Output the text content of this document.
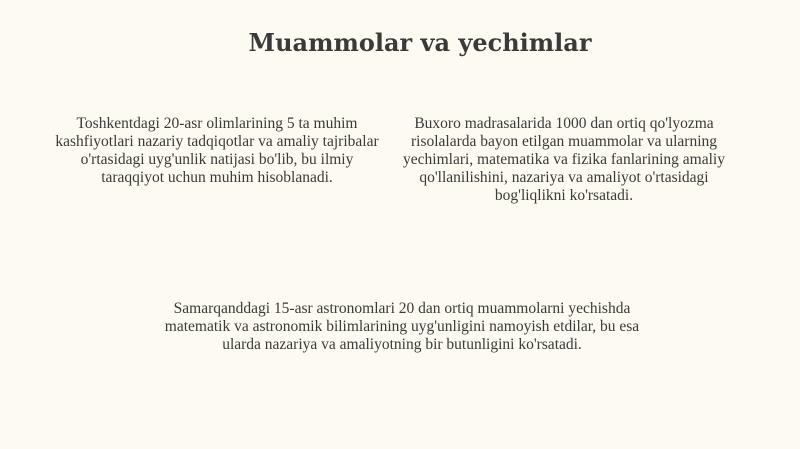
Muammolar va yechimlar

Toshkentdagi 20-asr olimlarining 5 ta muhim kashfiyotlari nazariy tadqiqotlar va amaliy tajribalar o'rtasidagi uyg'unlik natijasi bo'lib, bu ilmiy taraqqiyot uchun muhim hisoblanadi.

Buxoro madrasalarida 1000 dan ortiq qo'lyozma risolalarda bayon etilgan muammolar va ularning yechimlari, matematika va fizika fanlarining amaliy qo'llanilishini, nazariya va amaliyot o'rtasidagi bog'liqlikni ko'rsatadi.

Samarqanddagi 15-asr astronomlari 20 dan ortiq muammolarni yechishda matematik va astronomik bilimlarining uyg'unligini namoyish etdilar, bu esa ularda nazariya va amaliyotning bir butunligini ko'rsatadi.
